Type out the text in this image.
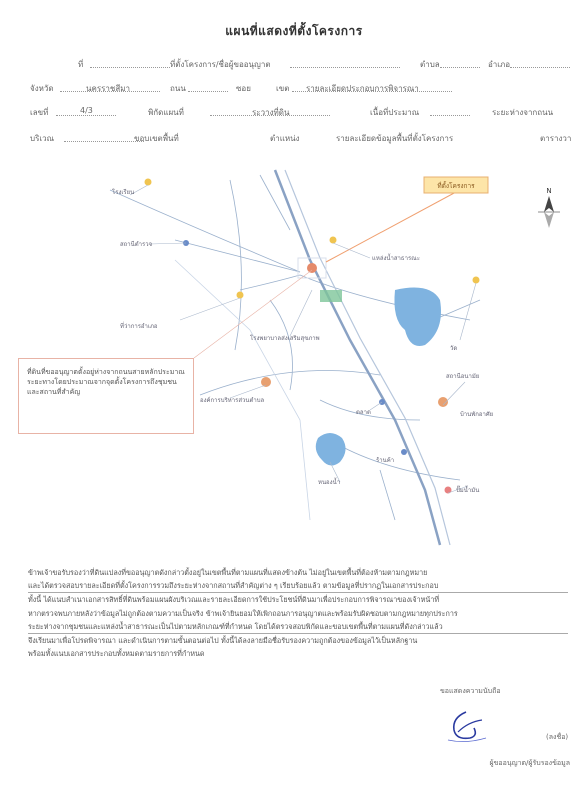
แผนที่แสดงที่ตั้งโครงการ
ที่	ที่ตั้งโครงการ/ชื่อผู้ขออนุญาต	ตำบล	อำเภอ
จังหวัด	นครราชสีมา	ถนน	ซอย	เขต รายละเอียดประกอบการพิจารณา
เลขที่	4/3	พิกัดแผนที่	ระวางที่ดิน	เนื้อที่ประมาณ	ระยะห่างจากถนน
บริเวณ	ขอบเขตพื้นที่	ตำแหน่ง	รายละเอียดข้อมูลพื้นที่ตั้งโครงการ	ตารางวา
ที่ตั้งโครงการ
โรงเรียน
สถานีตำรวจ
ที่ว่าการอำเภอ
โรงพยาบาลส่งเสริมสุขภาพ
แหล่งน้ำสาธารณะ
วัด
สถานีอนามัย
องค์การบริหารส่วนตำบล
ตลาด
หนองน้ำ
บ้านพักอาศัย
ปั๊มน้ำมัน
ร้านค้า
N
ที่ดินที่ขออนุญาตตั้งอยู่ห่างจากถนนสายหลักประมาณ ระยะทางโดยประมาณจากจุดตั้งโครงการถึงชุมชนและสถานที่สำคัญ
ข้าพเจ้าขอรับรองว่าที่ดินแปลงที่ขออนุญาตดังกล่าวตั้งอยู่ในเขตพื้นที่ตามแผนที่แสดงข้างต้น ไม่อยู่ในเขตพื้นที่ต้องห้ามตามกฎหมาย
และได้ตรวจสอบรายละเอียดที่ตั้งโครงการรวมถึงระยะห่างจากสถานที่สำคัญต่าง ๆ เรียบร้อยแล้ว ตามข้อมูลที่ปรากฏในเอกสารประกอบ
ทั้งนี้ ได้แนบสำเนาเอกสารสิทธิ์ที่ดินพร้อมแผนผังบริเวณและรายละเอียดการใช้ประโยชน์ที่ดินมาเพื่อประกอบการพิจารณาของเจ้าหน้าที่
หากตรวจพบภายหลังว่าข้อมูลไม่ถูกต้องตามความเป็นจริง ข้าพเจ้ายินยอมให้เพิกถอนการอนุญาตและพร้อมรับผิดชอบตามกฎหมายทุกประการ
ระยะห่างจากชุมชนและแหล่งน้ำสาธารณะเป็นไปตามหลักเกณฑ์ที่กำหนด โดยได้ตรวจสอบพิกัดและขอบเขตพื้นที่ตามแผนที่ดังกล่าวแล้ว
จึงเรียนมาเพื่อโปรดพิจารณา และดำเนินการตามขั้นตอนต่อไป ทั้งนี้ได้ลงลายมือชื่อรับรองความถูกต้องของข้อมูลไว้เป็นหลักฐาน
พร้อมทั้งแนบเอกสารประกอบทั้งหมดตามรายการที่กำหนด
ขอแสดงความนับถือ
(ลงชื่อ)
ผู้ขออนุญาต/ผู้รับรองข้อมูล
